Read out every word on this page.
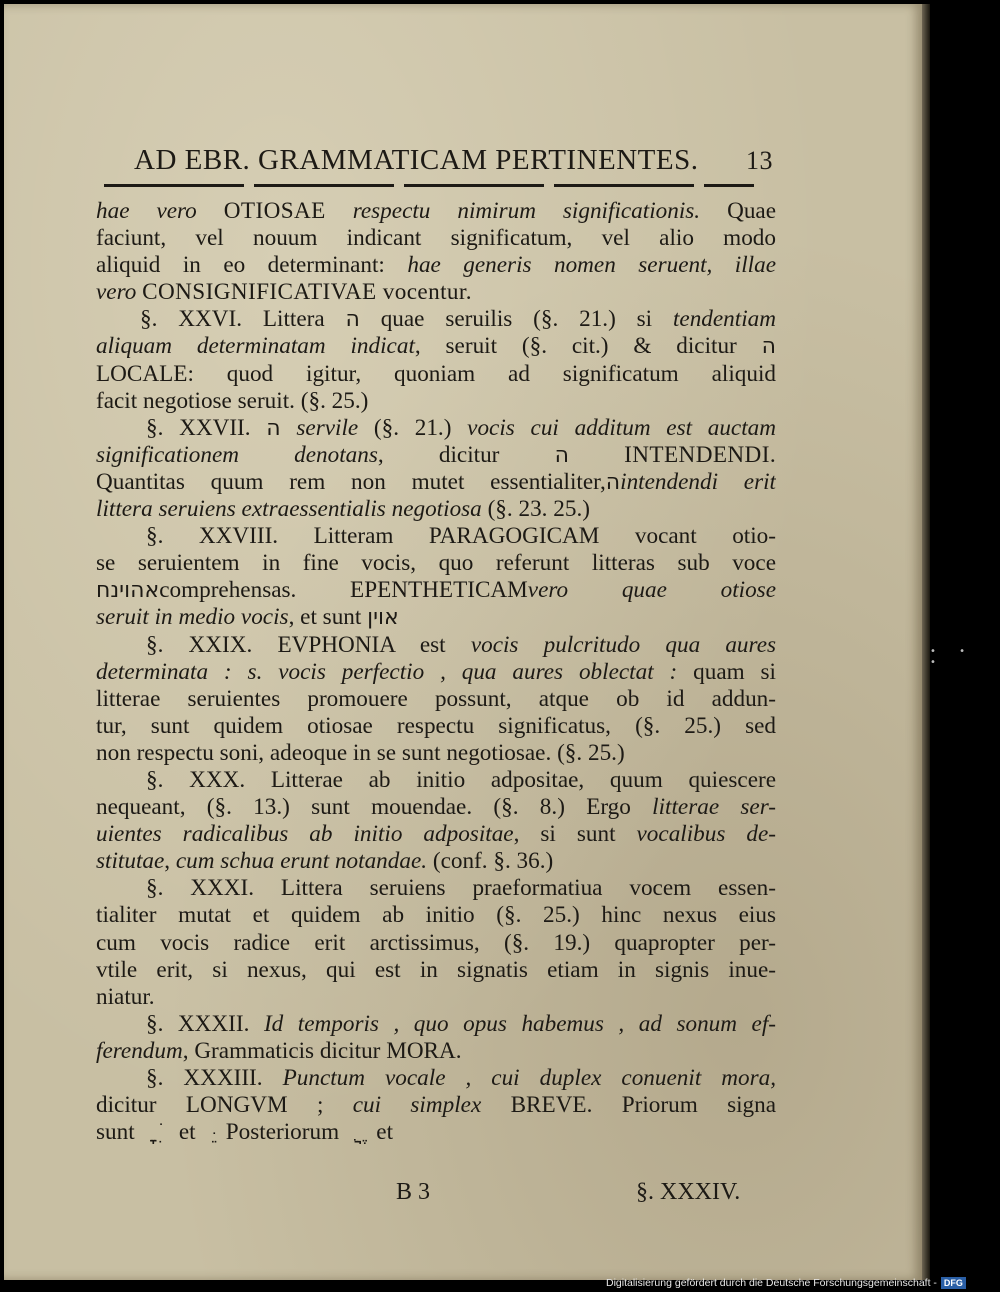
AD EBR. GRAMMATICAM PERTINENTES. 13
hae vero OTIOSAE respectu nimirum significationis. Quae
faciunt, vel nouum indicant significatum, vel alio modo
aliquid in eo determinant: hae generis nomen seruent, illae
vero CONSIGNIFICATIVAE vocentur.
§. XXVI. Littera ה quae seruilis (§. 21.) si tendentiam
aliquam determinatam indicat, seruit (§. cit.) & dicitur ה
LOCALE: quod igitur, quoniam ad significatum aliquid
facit negotiose seruit. (§. 25.)
§. XXVII. ה servile (§. 21.) vocis cui additum est auctam
significationem denotans, dicitur	ה INTENDENDI.
Quantitas quum rem non mutet essentialiter,הintendendi erit
littera seruiens extraessentialis negotiosa (§. 23. 25.)
§. XXVIII. Litteram PARAGOGICAM vocant otio-
se seruientem in fine vocis, quo referunt litteras sub voce
אהוינחcomprehensas. EPENTHETICAMvero quae otiose
seruit in medio vocis, et sunt אוין
§. XXIX. EVPHONIA est vocis pulcritudo qua aures
determinata : s. vocis perfectio , qua aures oblectat : quam si
litterae seruientes promouere possunt, atque ob id addun-
tur, sunt quidem otiosae respectu significatus, (§. 25.) sed
non respectu soni, adeoque in se sunt negotiosae. (§. 25.)
§. XXX. Litterae ab initio adpositae, quum quiescere
nequeant, (§. 13.) sunt mouendae. (§. 8.) Ergo litterae ser-
uientes radicalibus ab initio adpositae, si sunt vocalibus de-
stitutae, cum schua erunt notandae. (conf. §. 36.)
§. XXXI. Littera seruiens praeformatiua vocem essen-
tialiter mutat et quidem ab initio (§. 25.) hinc nexus eius
cum vocis radice erit arctissimus, (§. 19.) quapropter per-
vtile erit, si nexus, qui est in signatis etiam in signis inue-
niatur.
§. XXXII. Id temporis , quo opus habemus , ad sonum ef-
ferendum, Grammaticis dicitur MORA.
§. XXXIII. Punctum vocale , cui duplex conuenit mora,
dicitur LONGVM ; cui simplex BREVE. Priorum signa
sunt ֶ ָ ִ ֹ et ֵ ּ Posteriorum ַ ֻ ֶ et
B 3	§. XXXIV.
• • •
Digitalisierung gefördert durch die Deutsche Forschungsgemeinschaft - DFG
